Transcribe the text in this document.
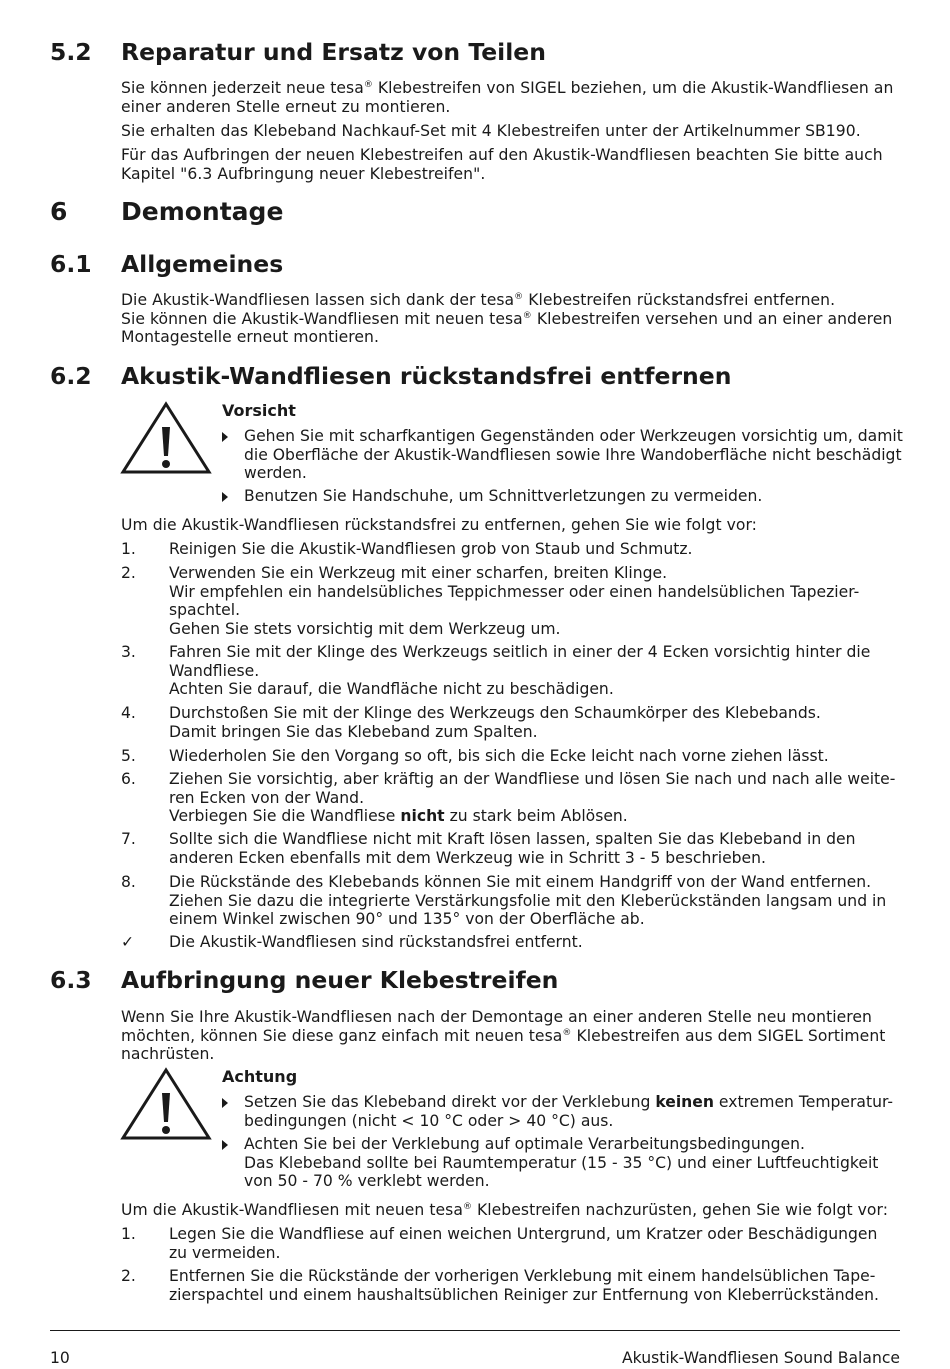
5.2 Reparatur und Ersatz von Teilen

Sie können jederzeit neue tesa® Klebestreifen von SIGEL beziehen, um die Akustik-Wandfliesen an einer anderen Stelle erneut zu montieren.

Sie erhalten das Klebeband Nachkauf-Set mit 4 Klebestreifen unter der Artikelnummer SB190.

Für das Aufbringen der neuen Klebestreifen auf den Akustik-Wandfliesen beachten Sie bitte auch Kapitel "6.3 Aufbringung neuer Klebestreifen".

6 Demontage
6.1 Allgemeines

Die Akustik-Wandfliesen lassen sich dank der tesa® Klebestreifen rückstandsfrei entfernen.
Sie können die Akustik-Wandfliesen mit neuen tesa® Klebestreifen versehen und an einer anderen Montagestelle erneut montieren.

6.2 Akustik-Wandfliesen rückstandsfrei entfernen

Vorsicht

Gehen Sie mit scharfkantigen Gegenständen oder Werkzeugen vorsichtig um, damit die Oberfläche der Akustik-Wandfliesen sowie Ihre Wandoberfläche nicht beschädigt werden.
Benutzen Sie Handschuhe, um Schnittverletzungen zu vermeiden.

Um die Akustik-Wandfliesen rückstandsfrei zu entfernen, gehen Sie wie folgt vor:

1. Reinigen Sie die Akustik-Wandfliesen grob von Staub und Schmutz.
2. Verwenden Sie ein Werkzeug mit einer scharfen, breiten Klinge.
Wir empfehlen ein handelsübliches Teppichmesser oder einen handelsüblichen Tapezier-
spachtel.
Gehen Sie stets vorsichtig mit dem Werkzeug um.
3. Fahren Sie mit der Klinge des Werkzeugs seitlich in einer der 4 Ecken vorsichtig hinter die
Wandfliese.
Achten Sie darauf, die Wandfläche nicht zu beschädigen.
4. Durchstoßen Sie mit der Klinge des Werkzeugs den Schaumkörper des Klebebands.
Damit bringen Sie das Klebeband zum Spalten.
5. Wiederholen Sie den Vorgang so oft, bis sich die Ecke leicht nach vorne ziehen lässt.
6. Ziehen Sie vorsichtig, aber kräftig an der Wandfliese und lösen Sie nach und nach alle weite-
ren Ecken von der Wand.
Verbiegen Sie die Wandfliese nicht zu stark beim Ablösen.
7. Sollte sich die Wandfliese nicht mit Kraft lösen lassen, spalten Sie das Klebeband in den
anderen Ecken ebenfalls mit dem Werkzeug wie in Schritt 3 - 5 beschrieben.
8. Die Rückstände des Klebebands können Sie mit einem Handgriff von der Wand entfernen.
Ziehen Sie dazu die integrierte Verstärkungsfolie mit den Kleberückständen langsam und in
einem Winkel zwischen 90° und 135° von der Oberfläche ab.
✓ Die Akustik-Wandfliesen sind rückstandsfrei entfernt.
6.3 Aufbringung neuer Klebestreifen

Wenn Sie Ihre Akustik-Wandfliesen nach der Demontage an einer anderen Stelle neu montieren möchten, können Sie diese ganz einfach mit neuen tesa® Klebestreifen aus dem SIGEL Sortiment nachrüsten.

Achtung

Setzen Sie das Klebeband direkt vor der Verklebung keinen extremen Temperatur-
bedingungen (nicht < 10 °C oder > 40 °C) aus.
Achten Sie bei der Verklebung auf optimale Verarbeitungsbedingungen.
Das Klebeband sollte bei Raumtemperatur (15 - 35 °C) und einer Luftfeuchtigkeit von 50 - 70 % verklebt werden.

Um die Akustik-Wandfliesen mit neuen tesa® Klebestreifen nachzurüsten, gehen Sie wie folgt vor:

1. Legen Sie die Wandfliese auf einen weichen Untergrund, um Kratzer oder Beschädigungen
zu vermeiden.
2. Entfernen Sie die Rückstände der vorherigen Verklebung mit einem handelsüblichen Tape-
zierspachtel und einem haushaltsüblichen Reiniger zur Entfernung von Kleberrückständen.
10	Akustik-Wandfliesen Sound Balance
